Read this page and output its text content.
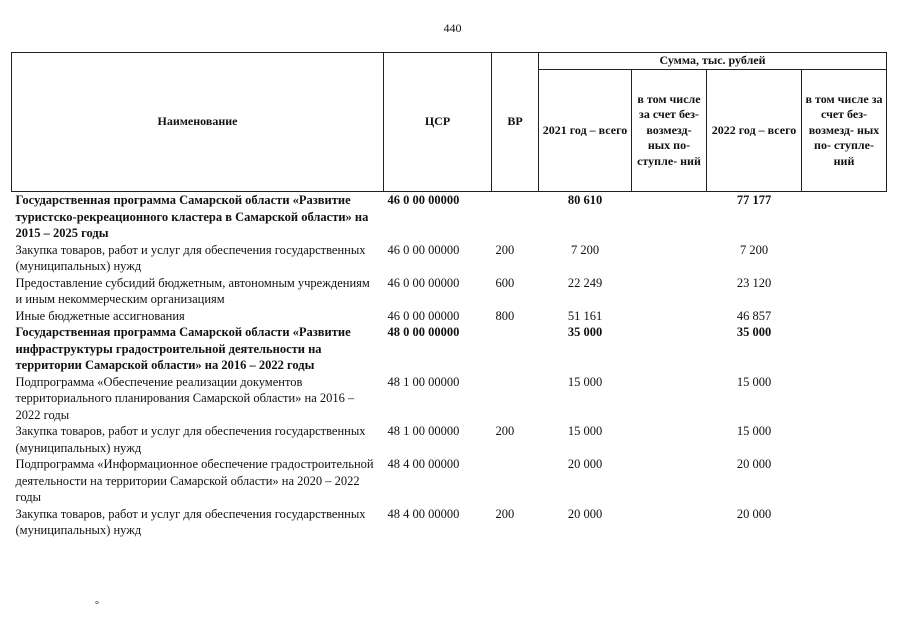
440
Наименование	ЦСР	ВР	Сумма, тыс. рублей			
			2021 год – всего	в том числе за счет без- возмезд- ных по- ступле- ний	2022 год – всего	в том числе за счет без- возмезд- ных по- ступле- ний
Государственная программа Самарской области «Развитие туристско-рекреационного кластера в Самарской области» на 2015 – 2025 годы	46 0 00 00000		80 610		77 177	
Закупка товаров, работ и услуг для обеспечения государственных (муниципальных) нужд	46 0 00 00000	200	7 200		7 200	
Предоставление субсидий бюджетным, автономным учреждениям и иным некоммерческим организациям	46 0 00 00000	600	22 249		23 120	
Иные бюджетные ассигнования	46 0 00 00000	800	51 161		46 857	
Государственная программа Самарской области «Развитие инфраструктуры градостроительной деятельности на территории Самарской области» на 2016 – 2022 годы	48 0 00 00000		35 000		35 000	
Подпрограмма «Обеспечение реализации документов территориального планирования Самарской области» на 2016 – 2022 годы	48 1 00 00000		15 000		15 000	
Закупка товаров, работ и услуг для обеспечения государственных (муниципальных) нужд	48 1 00 00000	200	15 000		15 000	
Подпрограмма «Информационное обеспечение градостроительной деятельности на территории Самарской области» на 2020 – 2022 годы	48 4 00 00000		20 000		20 000	
Закупка товаров, работ и услуг для обеспечения государственных (муниципальных) нужд	48 4 00 00000	200	20 000		20 000	
°
